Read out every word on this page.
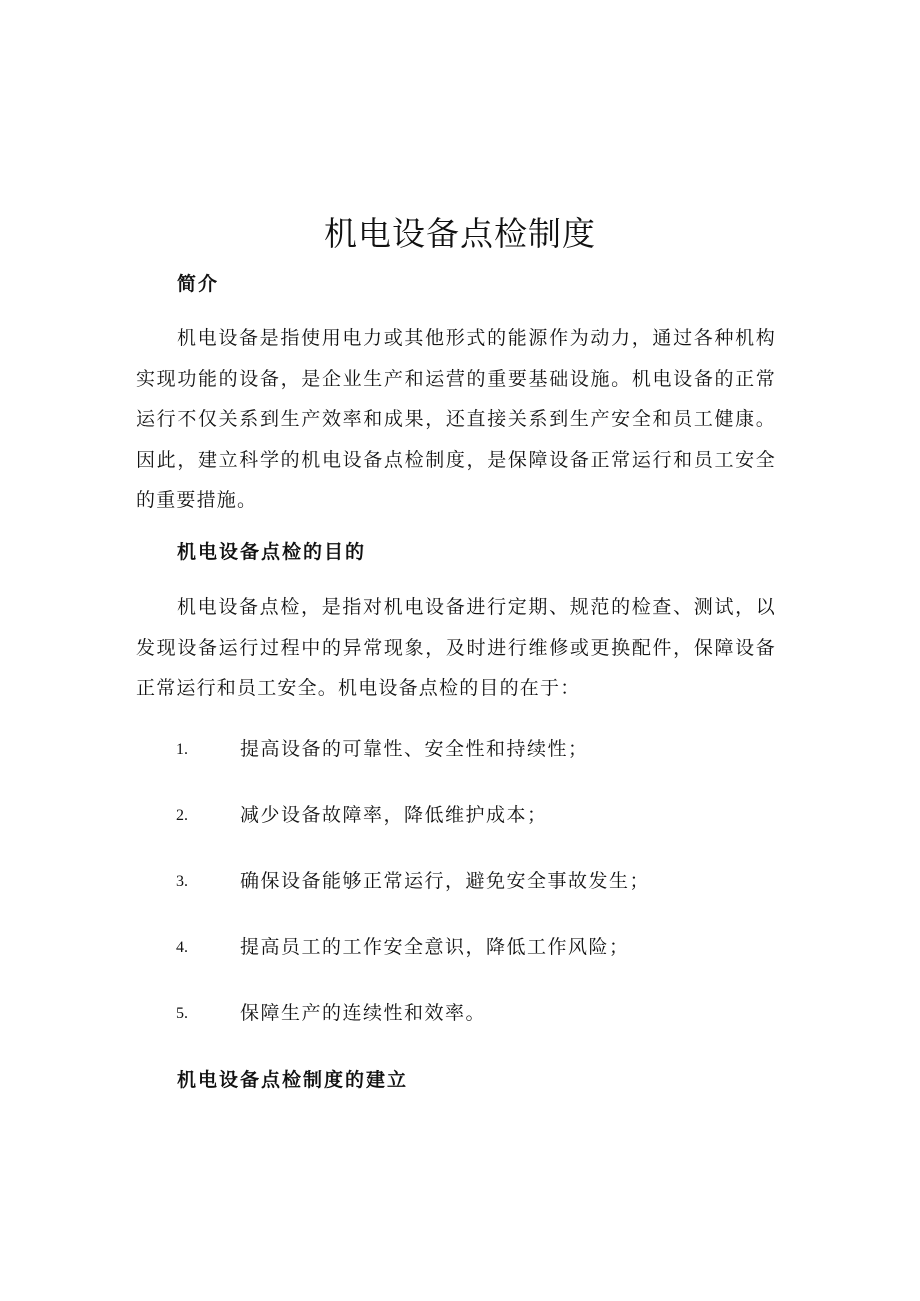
机电设备点检制度
简介

机电设备是指使用电力或其他形式的能源作为动力，通过各种机构实现功能的设备，是企业生产和运营的重要基础设施。机电设备的正常运行不仅关系到生产效率和成果，还直接关系到生产安全和员工健康。因此，建立科学的机电设备点检制度，是保障设备正常运行和员工安全的重要措施。

机电设备点检的目的

机电设备点检，是指对机电设备进行定期、规范的检查、测试，以发现设备运行过程中的异常现象，及时进行维修或更换配件，保障设备正常运行和员工安全。机电设备点检的目的在于：

1.	提高设备的可靠性、安全性和持续性；
2.	减少设备故障率，降低维护成本；
3.	确保设备能够正常运行，避免安全事故发生；
4.	提高员工的工作安全意识，降低工作风险；
5.	保障生产的连续性和效率。
机电设备点检制度的建立
